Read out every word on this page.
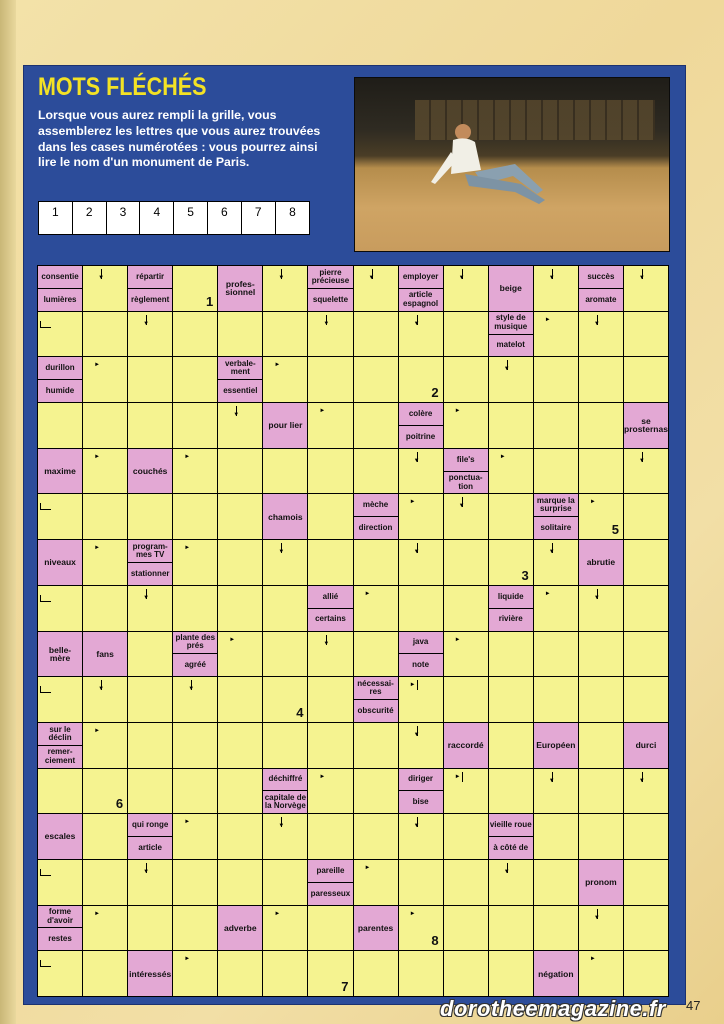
MOTS FLÉCHÉS
Lorsque vous aurez rempli la grille, vous assemblerez les lettres que vous aurez trouvées dans les cases numérotées : vous pourrez ainsi lire le nom d'un monument de Paris.
1	2	3	4	5	6	7	8
consentie
lumières
▼
répartir
règlement	1
profes- sionnel
▼
pierre précieuse
squelette
▼
employer
article espagnol
▼
beige
▼
succès
aromate
▼
▼
▼
▼
style de musique
matelot
►
▼
durillon
humide
►
verbale- ment
essentiel ►	2
▼
▼
pour lier
►
colère
poitrine
►
se prosternas
maxime ►	couchés
►
▼
file's
ponctua- tion
►
▼
chamois
mèche
direction
►
▼
marque la surprise
solitaire	► 5
niveaux
►
program- mes TV
stationner ► ▼ ▼	3
▼
abrutie
▼
allié
certains
►
liquide
rivière
►
▼
belle- mère	fans
plante des prés
agréé
►
▼
java
note
►
▼
▼
4
nécessai- res
obscurité
►
sur le déclin
remer- ciement
►
▼
raccordé	Européen	durci
6
déchiffré
capitale de la Norvège
►
diriger
bise
►
▼
▼
escales
qui ronge
article
►
▼
▼
vieille roue
à côté de
▼
pareille
paresseux
►
▼
pronom
forme d'avoir
restes
►
adverbe ►	parentes
► 8
▼
intéressés
►
7
négation
►
dorotheemagazine.fr 47
